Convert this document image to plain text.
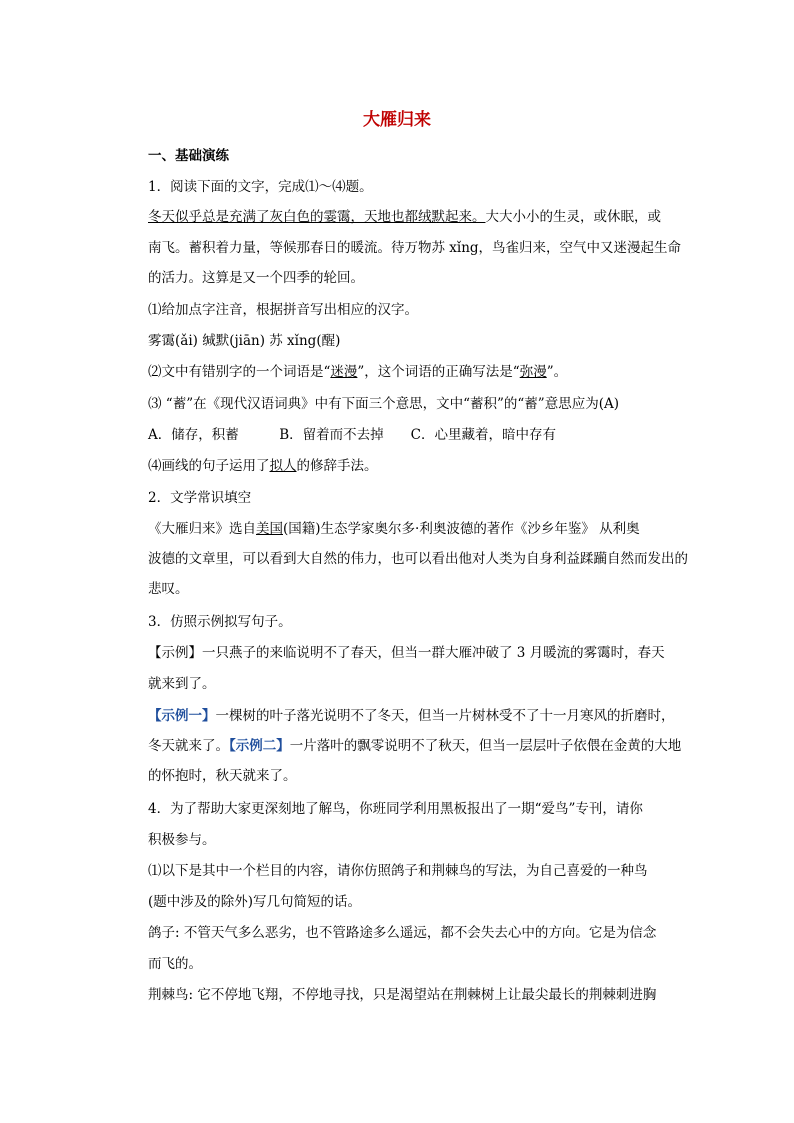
大雁归来
一、基础演练
1．阅读下面的文字，完成⑴～⑷题。
冬天似乎总是充满了灰白色的霎霭，天地也都绒默起来。大大小小的生灵，或休眠，或
南飞。蓄积着力量，等候那春日的暖流。待万物苏 xǐng，鸟雀归来，空气中又迷漫起生命
的活力。这算是又一个四季的轮回。
⑴给加点字注音，根据拼音写出相应的汉字。
雾霭(ǎi) 缄默(jiān) 苏 xǐng(醒)
⑵文中有错别字的一个词语是“迷漫”，这个词语的正确写法是“弥漫”。
⑶ “蓄”在《现代汉语词典》中有下面三个意思，文中“蓄积”的“蓄”意思应为(A)
A．储存，积蓄　　　B．留着而不去掉　　C．心里藏着，暗中存有
⑷画线的句子运用了拟人的修辞手法。
2．文学常识填空
《大雁归来》选自美国(国籍)生态学家奥尔多·利奥波德的著作《沙乡年鉴》 从利奥
波德的文章里，可以看到大自然的伟力，也可以看出他对人类为自身利益蹂躏自然而发出的
悲叹。
3．仿照示例拟写句子。
【示例】一只燕子的来临说明不了春天，但当一群大雁冲破了 3 月暖流的雾霭时，春天
就来到了。
【示例一】一棵树的叶子落光说明不了冬天，但当一片树林受不了十一月寒风的折磨时，
冬天就来了。【示例二】一片落叶的飘零说明不了秋天，但当一层层叶子依偎在金黄的大地
的怀抱时，秋天就来了。
4．为了帮助大家更深刻地了解鸟，你班同学利用黑板报出了一期“爱鸟”专刊，请你
积极参与。
⑴以下是其中一个栏目的内容，请你仿照鸽子和荆棘鸟的写法，为自己喜爱的一种鸟
(题中涉及的除外)写几句简短的话。
鸽子: 不管天气多么恶劣，也不管路途多么遥远，都不会失去心中的方向。它是为信念
而飞的。
荆棘鸟: 它不停地飞翔，不停地寻找，只是渴望站在荆棘树上让最尖最长的荆棘刺进胸
